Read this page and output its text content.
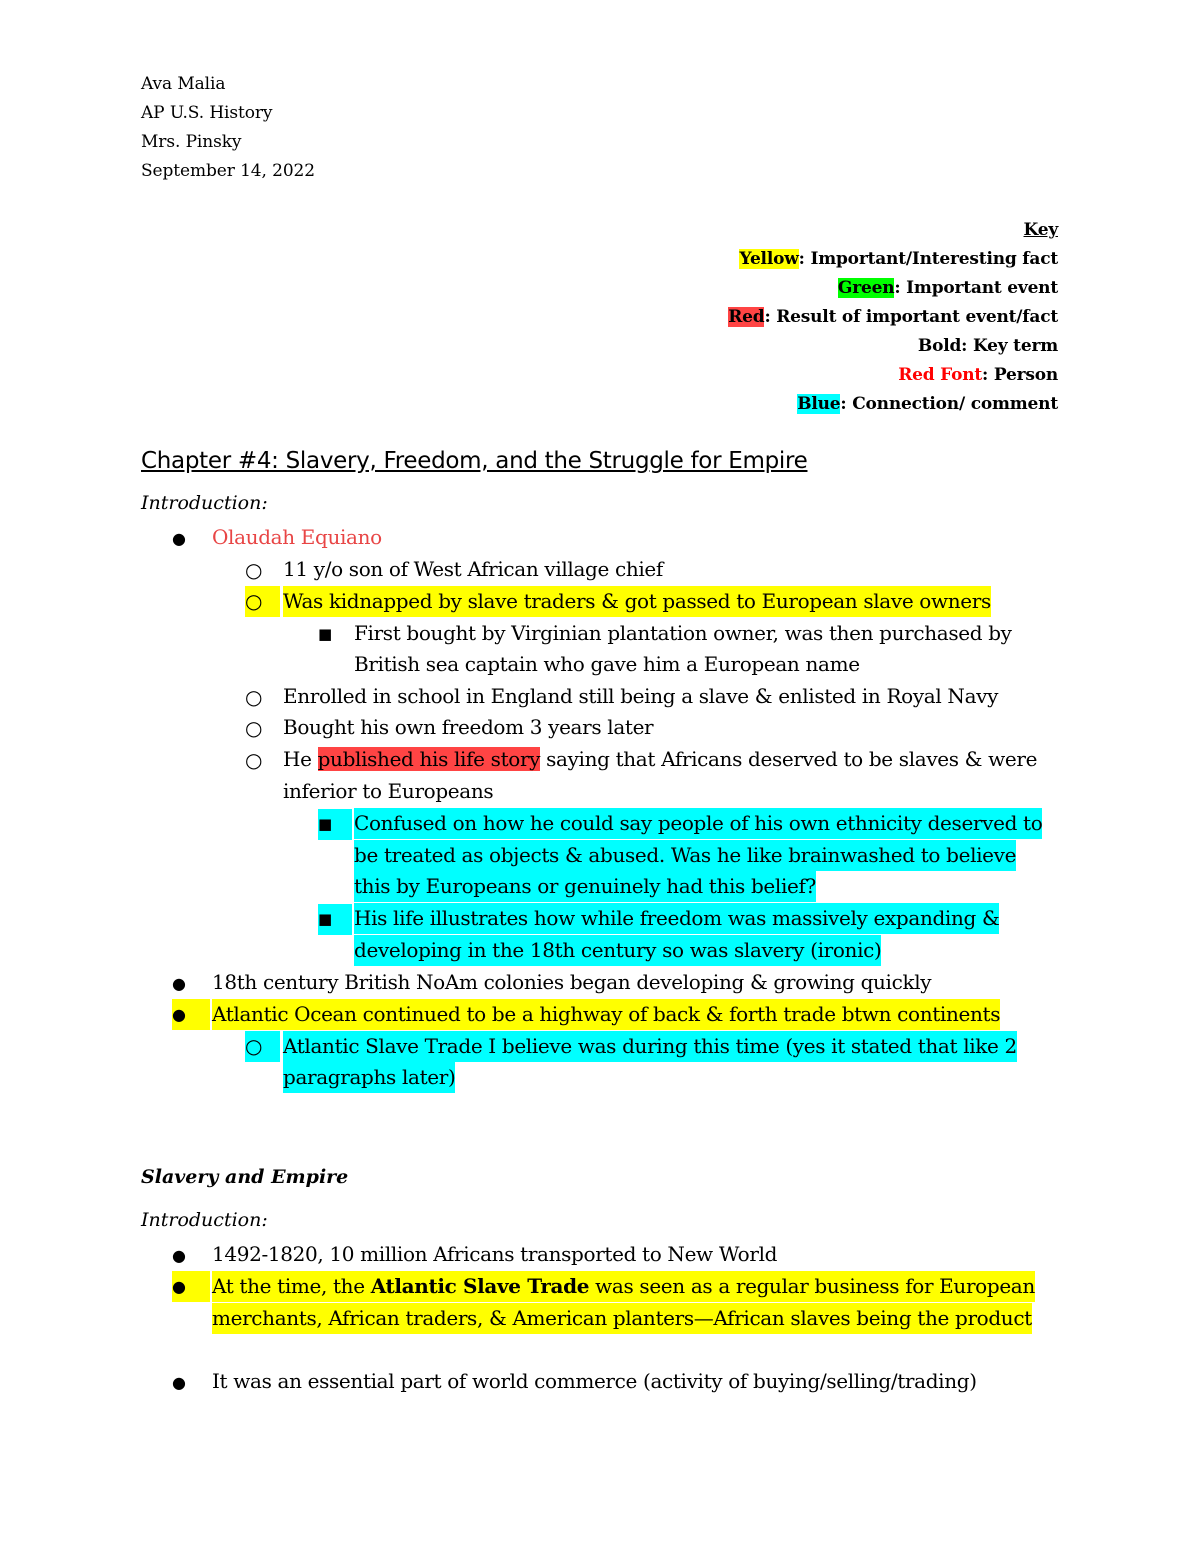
Ava Malia
AP U.S. History
Mrs. Pinsky
September 14, 2022
Key
Yellow: Important/Interesting fact
Green: Important event
Red: Result of important event/fact
Bold: Key term
Red Font: Person
Blue: Connection/ comment
Chapter #4: Slavery, Freedom, and the Struggle for Empire
Introduction:
● Olaudah Equiano
○ 11 y/o son of West African village chief
○	Was kidnapped by slave traders & got passed to European slave owners
■ First bought by Virginian plantation owner, was then purchased by
British sea captain who gave him a European name
○ Enrolled in school in England still being a slave & enlisted in Royal Navy
○ Bought his own freedom 3 years later
○ He published his life story saying that Africans deserved to be slaves & were
inferior to Europeans
■	Confused on how he could say people of his own ethnicity deserved to
be treated as objects & abused. Was he like brainwashed to believe
this by Europeans or genuinely had this belief?
■	His life illustrates how while freedom was massively expanding &
developing in the 18th century so was slavery (ironic)
● 18th century British NoAm colonies began developing & growing quickly
●	Atlantic Ocean continued to be a highway of back & forth trade btwn continents
○	Atlantic Slave Trade I believe was during this time (yes it stated that like 2
paragraphs later)
Slavery and Empire
Introduction:
● 1492-1820, 10 million Africans transported to New World
●	At the time, the Atlantic Slave Trade was seen as a regular business for European
merchants, African traders, & American planters—African slaves being the product
● It was an essential part of world commerce (activity of buying/selling/trading)
